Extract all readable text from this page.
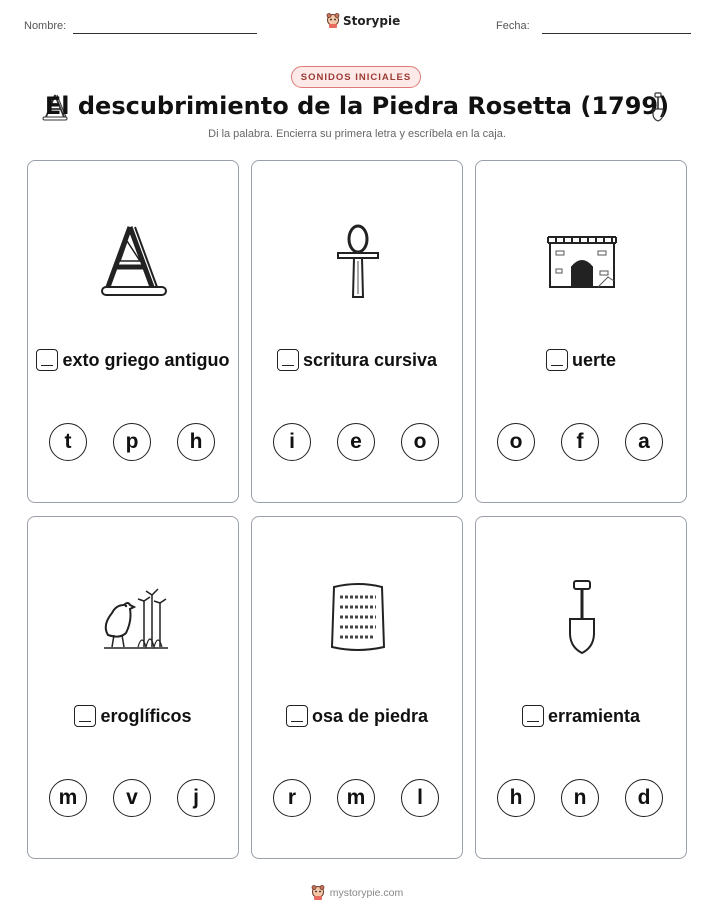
Nombre:	Storypie	Fecha:
SONIDOS INICIALES
El descubrimiento de la Piedra Rosetta (1799)
Di la palabra. Encierra su primera letra y escríbela en la caja.
exto griego antiguo
t	p	h
scritura cursiva
i	e	o
uerte
o	f	a
eroglíficos
m	v	j
osa de piedra
r	m	l
erramienta
h	n	d
mystorypie.com
